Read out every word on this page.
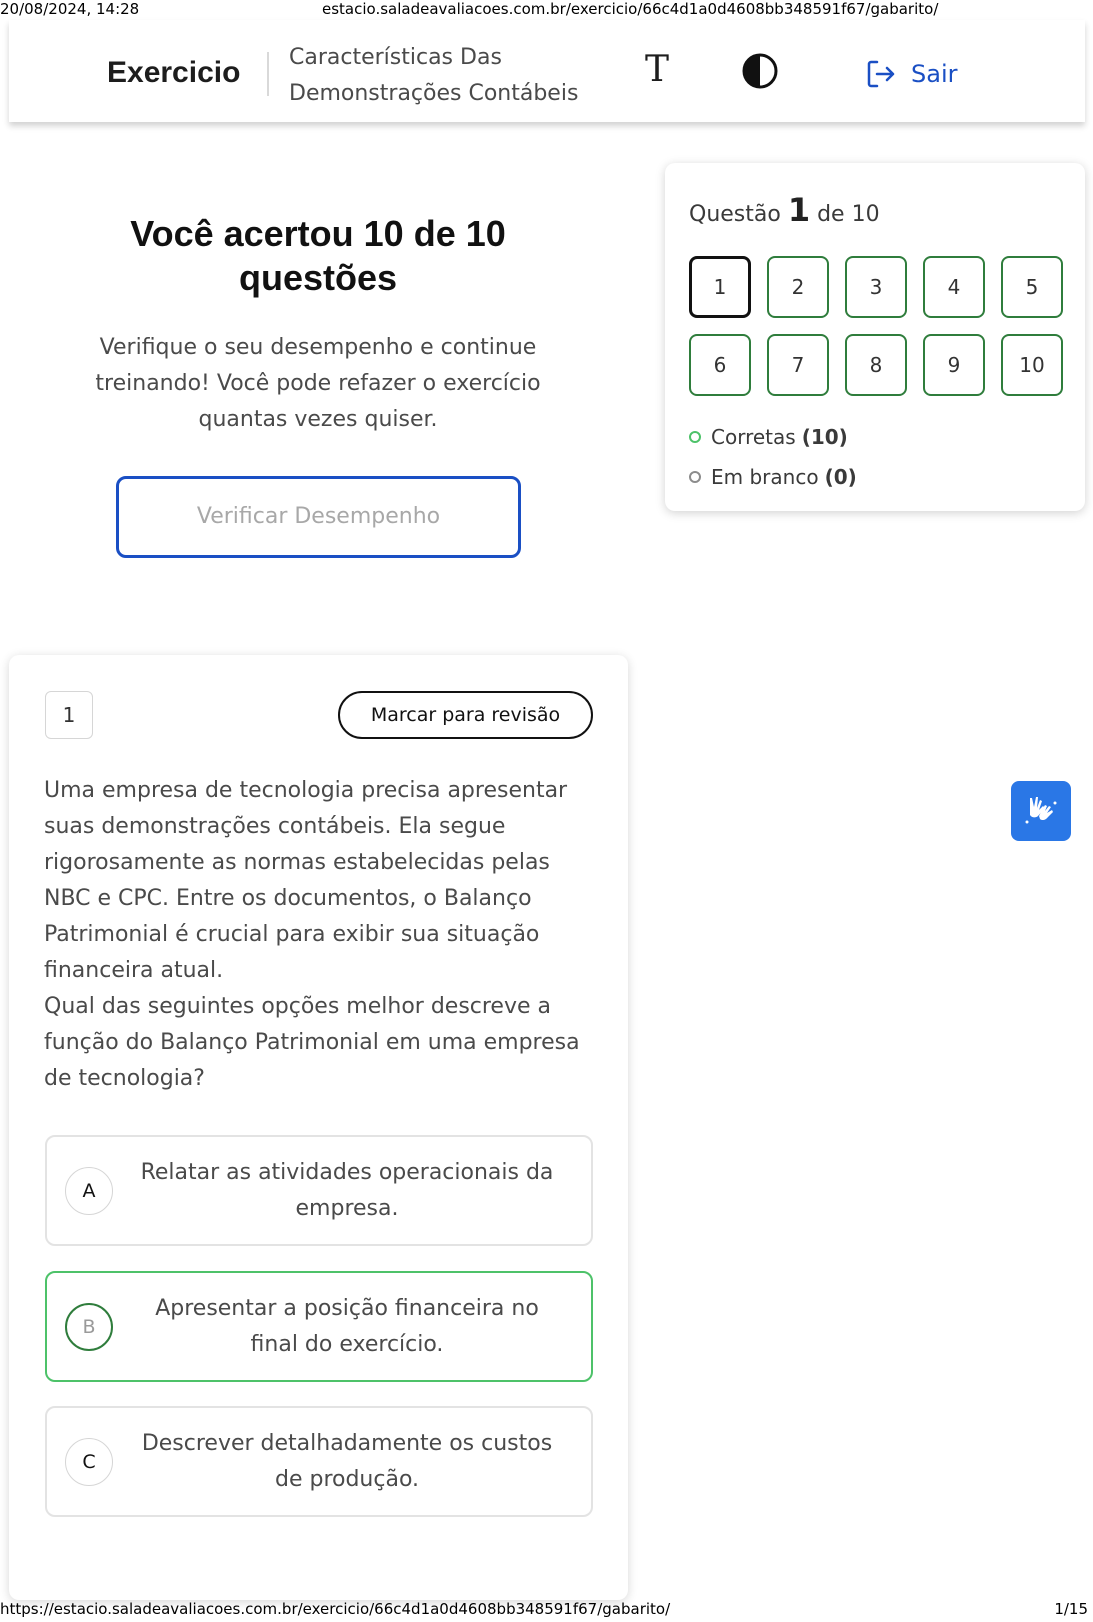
20/08/2024, 14:28	estacio.saladeavaliacoes.com.br/exercicio/66c4d1a0d4608bb348591f67/gabarito/
Exercicio Características Das
Demonstrações Contábeis
T	Sair
Você acertou 10 de 10 questões

Verifique o seu desempenho e continue treinando! Você pode refazer o exercício quantas vezes quiser.

Verificar Desempenho
Questão 1 de 10
1	2	3	4	5
6	7	8	9	10
Corretas (10)
Em branco (0)
1	Marcar para revisão

Uma empresa de tecnologia precisa apresentar suas demonstrações contábeis. Ela segue rigorosamente as normas estabelecidas pelas NBC e CPC. Entre os documentos, o Balanço Patrimonial é crucial para exibir sua situação financeira atual.

Qual das seguintes opções melhor descreve a função do Balanço Patrimonial em uma empresa de tecnologia?

A
Relatar as atividades operacionais da empresa.
B
Apresentar a posição financeira no final do exercício.
C
Descrever detalhadamente os custos de produção.
https://estacio.saladeavaliacoes.com.br/exercicio/66c4d1a0d4608bb348591f67/gabarito/	1/15
